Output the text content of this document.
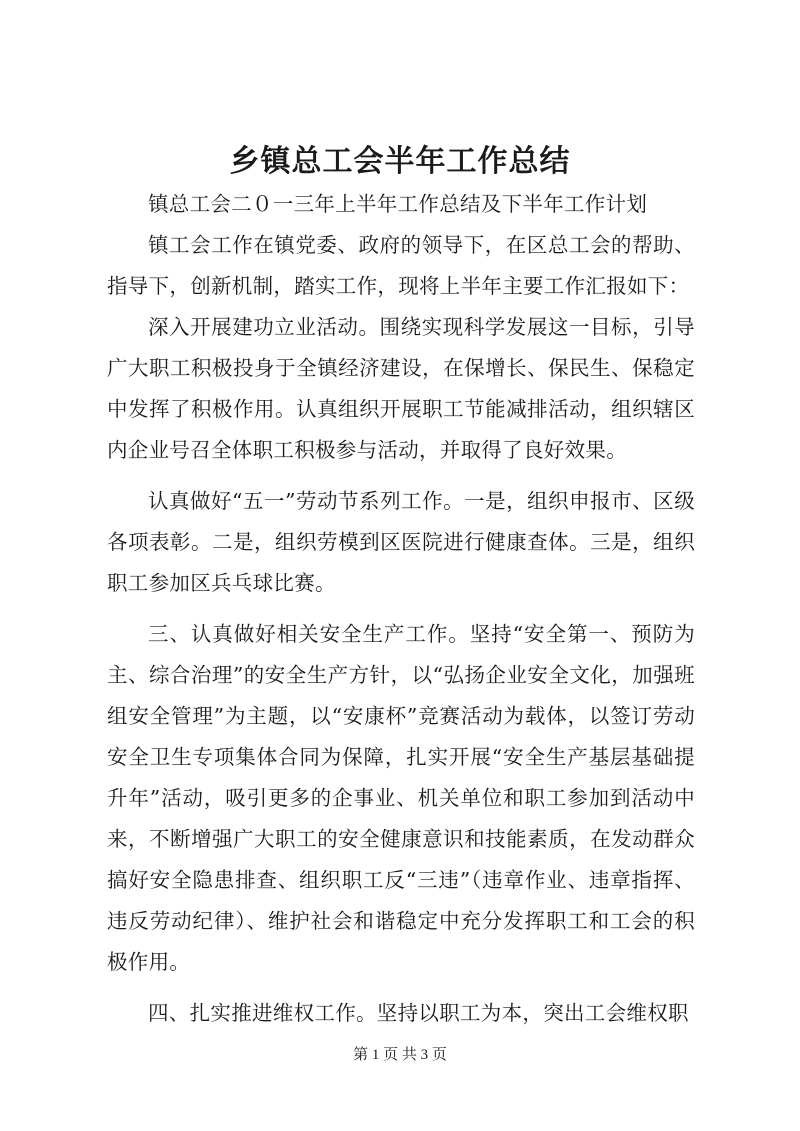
乡镇总工会半年工作总结

镇总工会二０一三年上半年工作总结及下半年工作计划

镇工会工作在镇党委、政府的领导下，在区总工会的帮助、指导下，创新机制，踏实工作，现将上半年主要工作汇报如下：

深入开展建功立业活动。围绕实现科学发展这一目标，引导广大职工积极投身于全镇经济建设，在保增长、保民生、保稳定中发挥了积极作用。认真组织开展职工节能减排活动，组织辖区内企业号召全体职工积极参与活动，并取得了良好效果。

认真做好“五一”劳动节系列工作。一是，组织申报市、区级各项表彰。二是，组织劳模到区医院进行健康查体。三是，组织职工参加区兵乓球比赛。

三、认真做好相关安全生产工作。坚持“安全第一、预防为主、综合治理”的安全生产方针，以“弘扬企业安全文化，加强班组安全管理”为主题，以“安康杯”竞赛活动为载体，以签订劳动安全卫生专项集体合同为保障，扎实开展“安全生产基层基础提升年”活动，吸引更多的企事业、机关单位和职工参加到活动中来，不断增强广大职工的安全健康意识和技能素质，在发动群众搞好安全隐患排查、组织职工反“三违”（违章作业、违章指挥、违反劳动纪律）、维护社会和谐稳定中充分发挥职工和工会的积极作用。

四、扎实推进维权工作。坚持以职工为本，突出工会维权职

第 1 页 共 3 页
